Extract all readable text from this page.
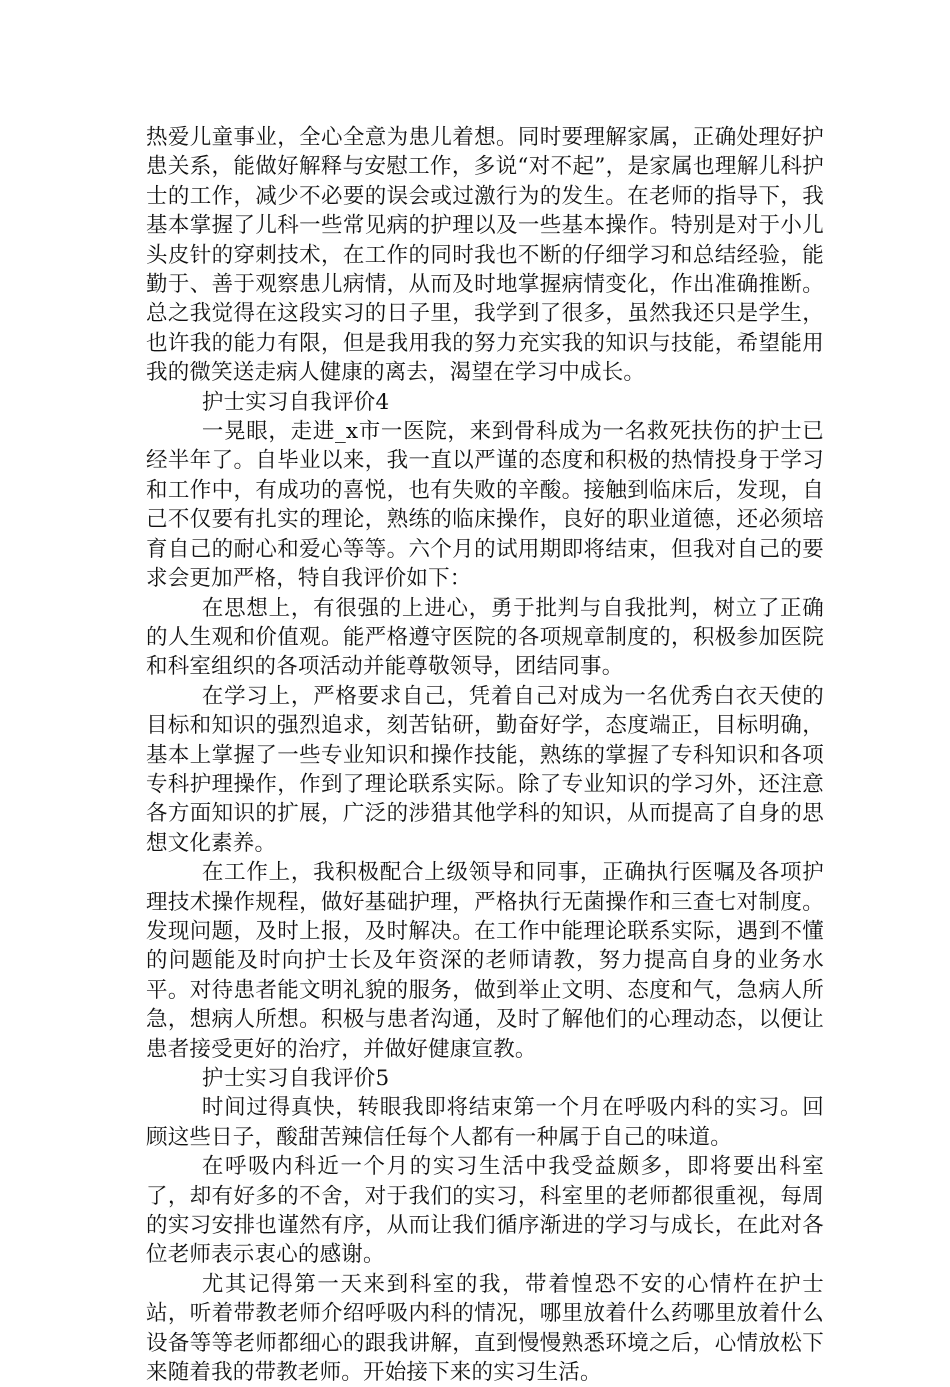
热爱儿童事业，全心全意为患儿着想。同时要理解家属，正确处理好护患关系，能做好解释与安慰工作，多说“对不起”，是家属也理解儿科护士的工作，减少不必要的误会或过激行为的发生。在老师的指导下，我基本掌握了儿科一些常见病的护理以及一些基本操作。特别是对于小儿头皮针的穿刺技术，在工作的同时我也不断的仔细学习和总结经验，能勤于、善于观察患儿病情，从而及时地掌握病情变化，作出准确推断。总之我觉得在这段实习的日子里，我学到了很多，虽然我还只是学生，也许我的能力有限，但是我用我的努力充实我的知识与技能，希望能用我的微笑送走病人健康的离去，渴望在学习中成长。

护士实习自我评价4

一晃眼，走进_x市一医院，来到骨科成为一名救死扶伤的护士已经半年了。自毕业以来，我一直以严谨的态度和积极的热情投身于学习和工作中，有成功的喜悦，也有失败的辛酸。接触到临床后，发现，自己不仅要有扎实的理论，熟练的临床操作，良好的职业道德，还必须培育自己的耐心和爱心等等。六个月的试用期即将结束，但我对自己的要求会更加严格，特自我评价如下：

在思想上，有很强的上进心，勇于批判与自我批判，树立了正确的人生观和价值观。能严格遵守医院的各项规章制度的，积极参加医院和科室组织的各项活动并能尊敬领导，团结同事。

在学习上，严格要求自己，凭着自己对成为一名优秀白衣天使的目标和知识的强烈追求，刻苦钻研，勤奋好学，态度端正，目标明确，基本上掌握了一些专业知识和操作技能，熟练的掌握了专科知识和各项专科护理操作，作到了理论联系实际。除了专业知识的学习外，还注意各方面知识的扩展，广泛的涉猎其他学科的知识，从而提高了自身的思想文化素养。

在工作上，我积极配合上级领导和同事，正确执行医嘱及各项护理技术操作规程，做好基础护理，严格执行无菌操作和三查七对制度。发现问题，及时上报，及时解决。在工作中能理论联系实际，遇到不懂的问题能及时向护士长及年资深的老师请教，努力提高自身的业务水平。对待患者能文明礼貌的服务，做到举止文明、态度和气，急病人所急，想病人所想。积极与患者沟通，及时了解他们的心理动态，以便让患者接受更好的治疗，并做好健康宣教。

护士实习自我评价5

时间过得真快，转眼我即将结束第一个月在呼吸内科的实习。回顾这些日子，酸甜苦辣信任每个人都有一种属于自己的味道。

在呼吸内科近一个月的实习生活中我受益颇多，即将要出科室了，却有好多的不舍，对于我们的实习，科室里的老师都很重视，每周的实习安排也谨然有序，从而让我们循序渐进的学习与成长，在此对各位老师表示衷心的感谢。

尤其记得第一天来到科室的我，带着惶恐不安的心情杵在护士站，听着带教老师介绍呼吸内科的情况，哪里放着什么药哪里放着什么设备等等老师都细心的跟我讲解，直到慢慢熟悉环境之后，心情放松下来随着我的带教老师。开始接下来的实习生活。
